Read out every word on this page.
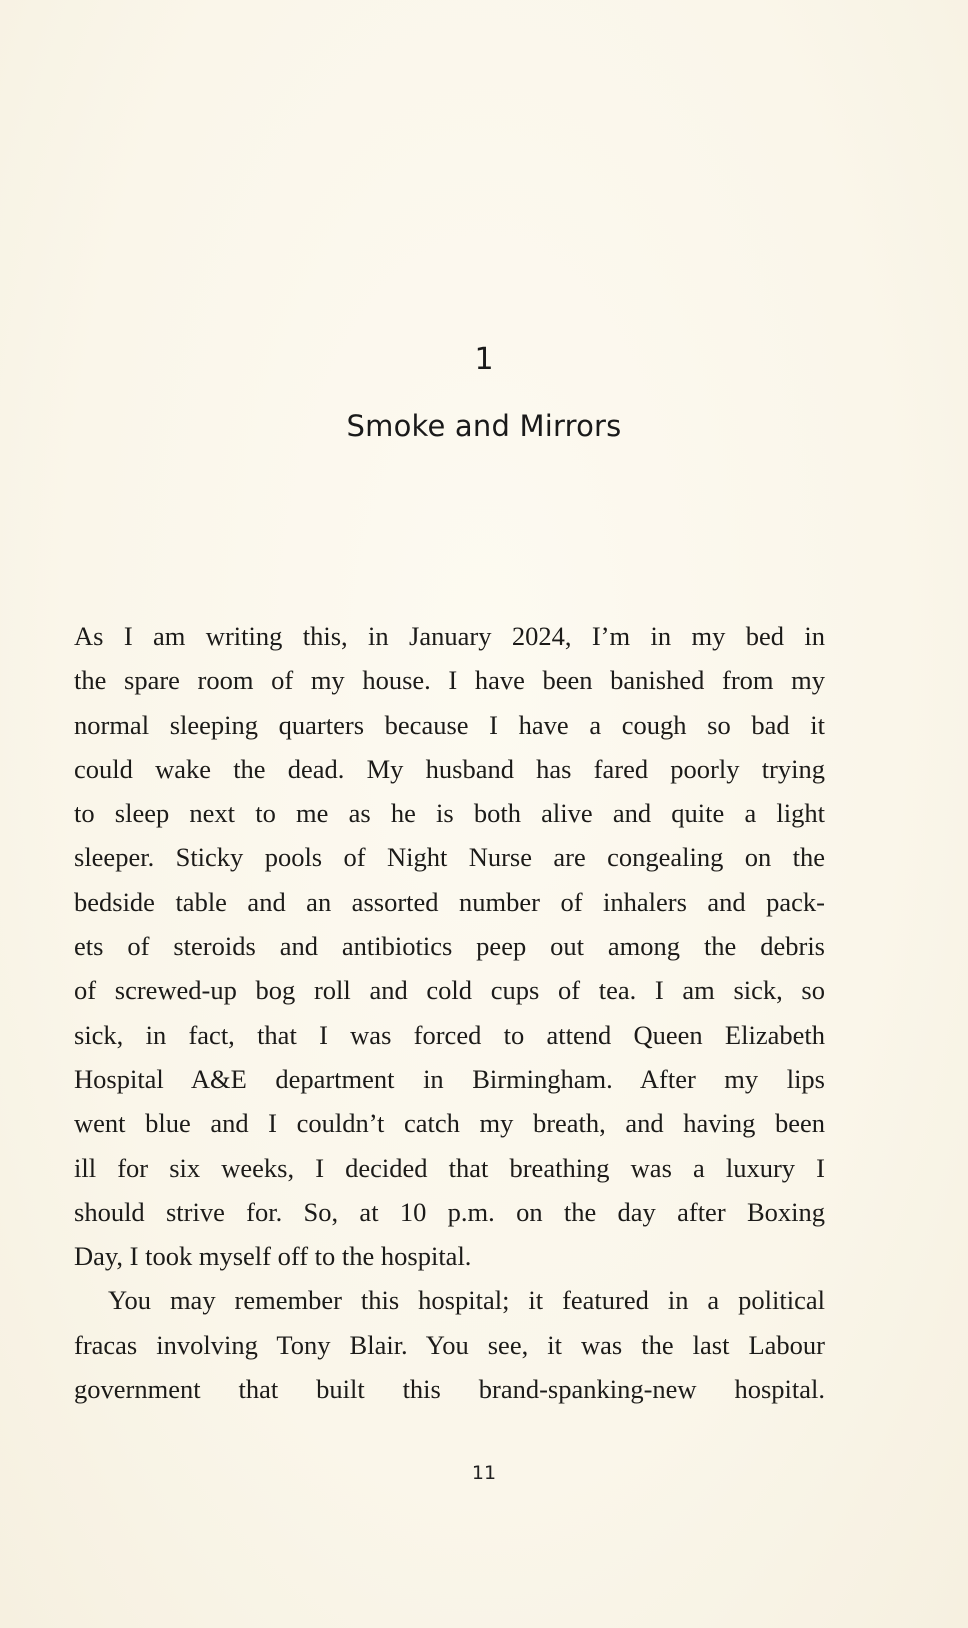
1
Smoke and Mirrors
As I am writing this, in January 2024, I’m in my bed in
the spare room of my house. I have been banished from my
normal sleeping quarters because I have a cough so bad it
could wake the dead. My husband has fared poorly trying
to sleep next to me as he is both alive and quite a light
sleeper. Sticky pools of Night Nurse are congealing on the
bedside table and an assorted number of inhalers and pack-
ets of steroids and antibiotics peep out among the debris
of screwed-up bog roll and cold cups of tea. I am sick, so
sick, in fact, that I was forced to attend Queen Elizabeth
Hospital A&E department in Birmingham. After my lips
went blue and I couldn’t catch my breath, and having been
ill for six weeks, I decided that breathing was a luxury I
should strive for. So, at 10 p.m. on the day after Boxing
Day, I took myself off to the hospital.
You may remember this hospital; it featured in a political
fracas involving Tony Blair. You see, it was the last Labour
government that built this brand-spanking-new hospital.
11
